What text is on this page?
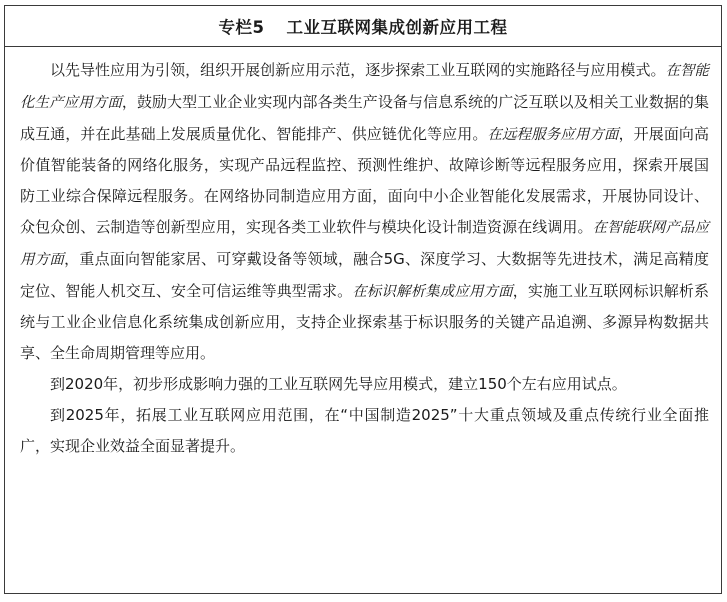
专栏5 工业互联网集成创新应用工程

以先导性应用为引领，组织开展创新应用示范，逐步探索工业互联网的实施路径与应用模式。在智能化生产应用方面，鼓励大型工业企业实现内部各类生产设备与信息系统的广泛互联以及相关工业数据的集成互通，并在此基础上发展质量优化、智能排产、供应链优化等应用。在远程服务应用方面，开展面向高价值智能装备的网络化服务，实现产品远程监控、预测性维护、故障诊断等远程服务应用，探索开展国防工业综合保障远程服务。在网络协同制造应用方面，面向中小企业智能化发展需求，开展协同设计、众包众创、云制造等创新型应用，实现各类工业软件与模块化设计制造资源在线调用。在智能联网产品应用方面，重点面向智能家居、可穿戴设备等领域，融合5G、深度学习、大数据等先进技术，满足高精度定位、智能人机交互、安全可信运维等典型需求。在标识解析集成应用方面，实施工业互联网标识解析系统与工业企业信息化系统集成创新应用，支持企业探索基于标识服务的关键产品追溯、多源异构数据共享、全生命周期管理等应用。

到2020年，初步形成影响力强的工业互联网先导应用模式，建立150个左右应用试点。

到2025年，拓展工业互联网应用范围，在“中国制造2025”十大重点领域及重点传统行业全面推广，实现企业效益全面显著提升。
